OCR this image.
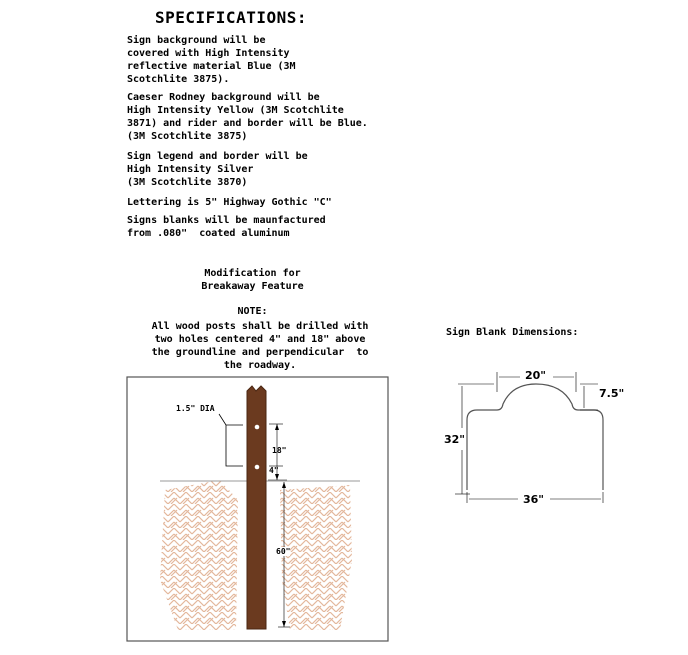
SPECIFICATIONS:
Sign background will be
covered with High Intensity
reflective material Blue (3M
Scotchlite 3875).
Caeser Rodney background will be
High Intensity Yellow (3M Scotchlite
3871) and rider and border will be Blue.
(3M Scotchlite 3875)
Sign legend and border will be
High Intensity Silver
(3M Scotchlite 3870)
Lettering is 5" Highway Gothic "C"
Signs blanks will be maunfactured
from .080"  coated aluminum
Modification for
Breakaway Feature
NOTE:
All wood posts shall be drilled with
two holes centered 4" and 18" above
the groundline and perpendicular  to
the roadway.
1.5" DIA
18"
4"
60"
Sign Blank Dimensions:
20"
7.5"
32"
36"
